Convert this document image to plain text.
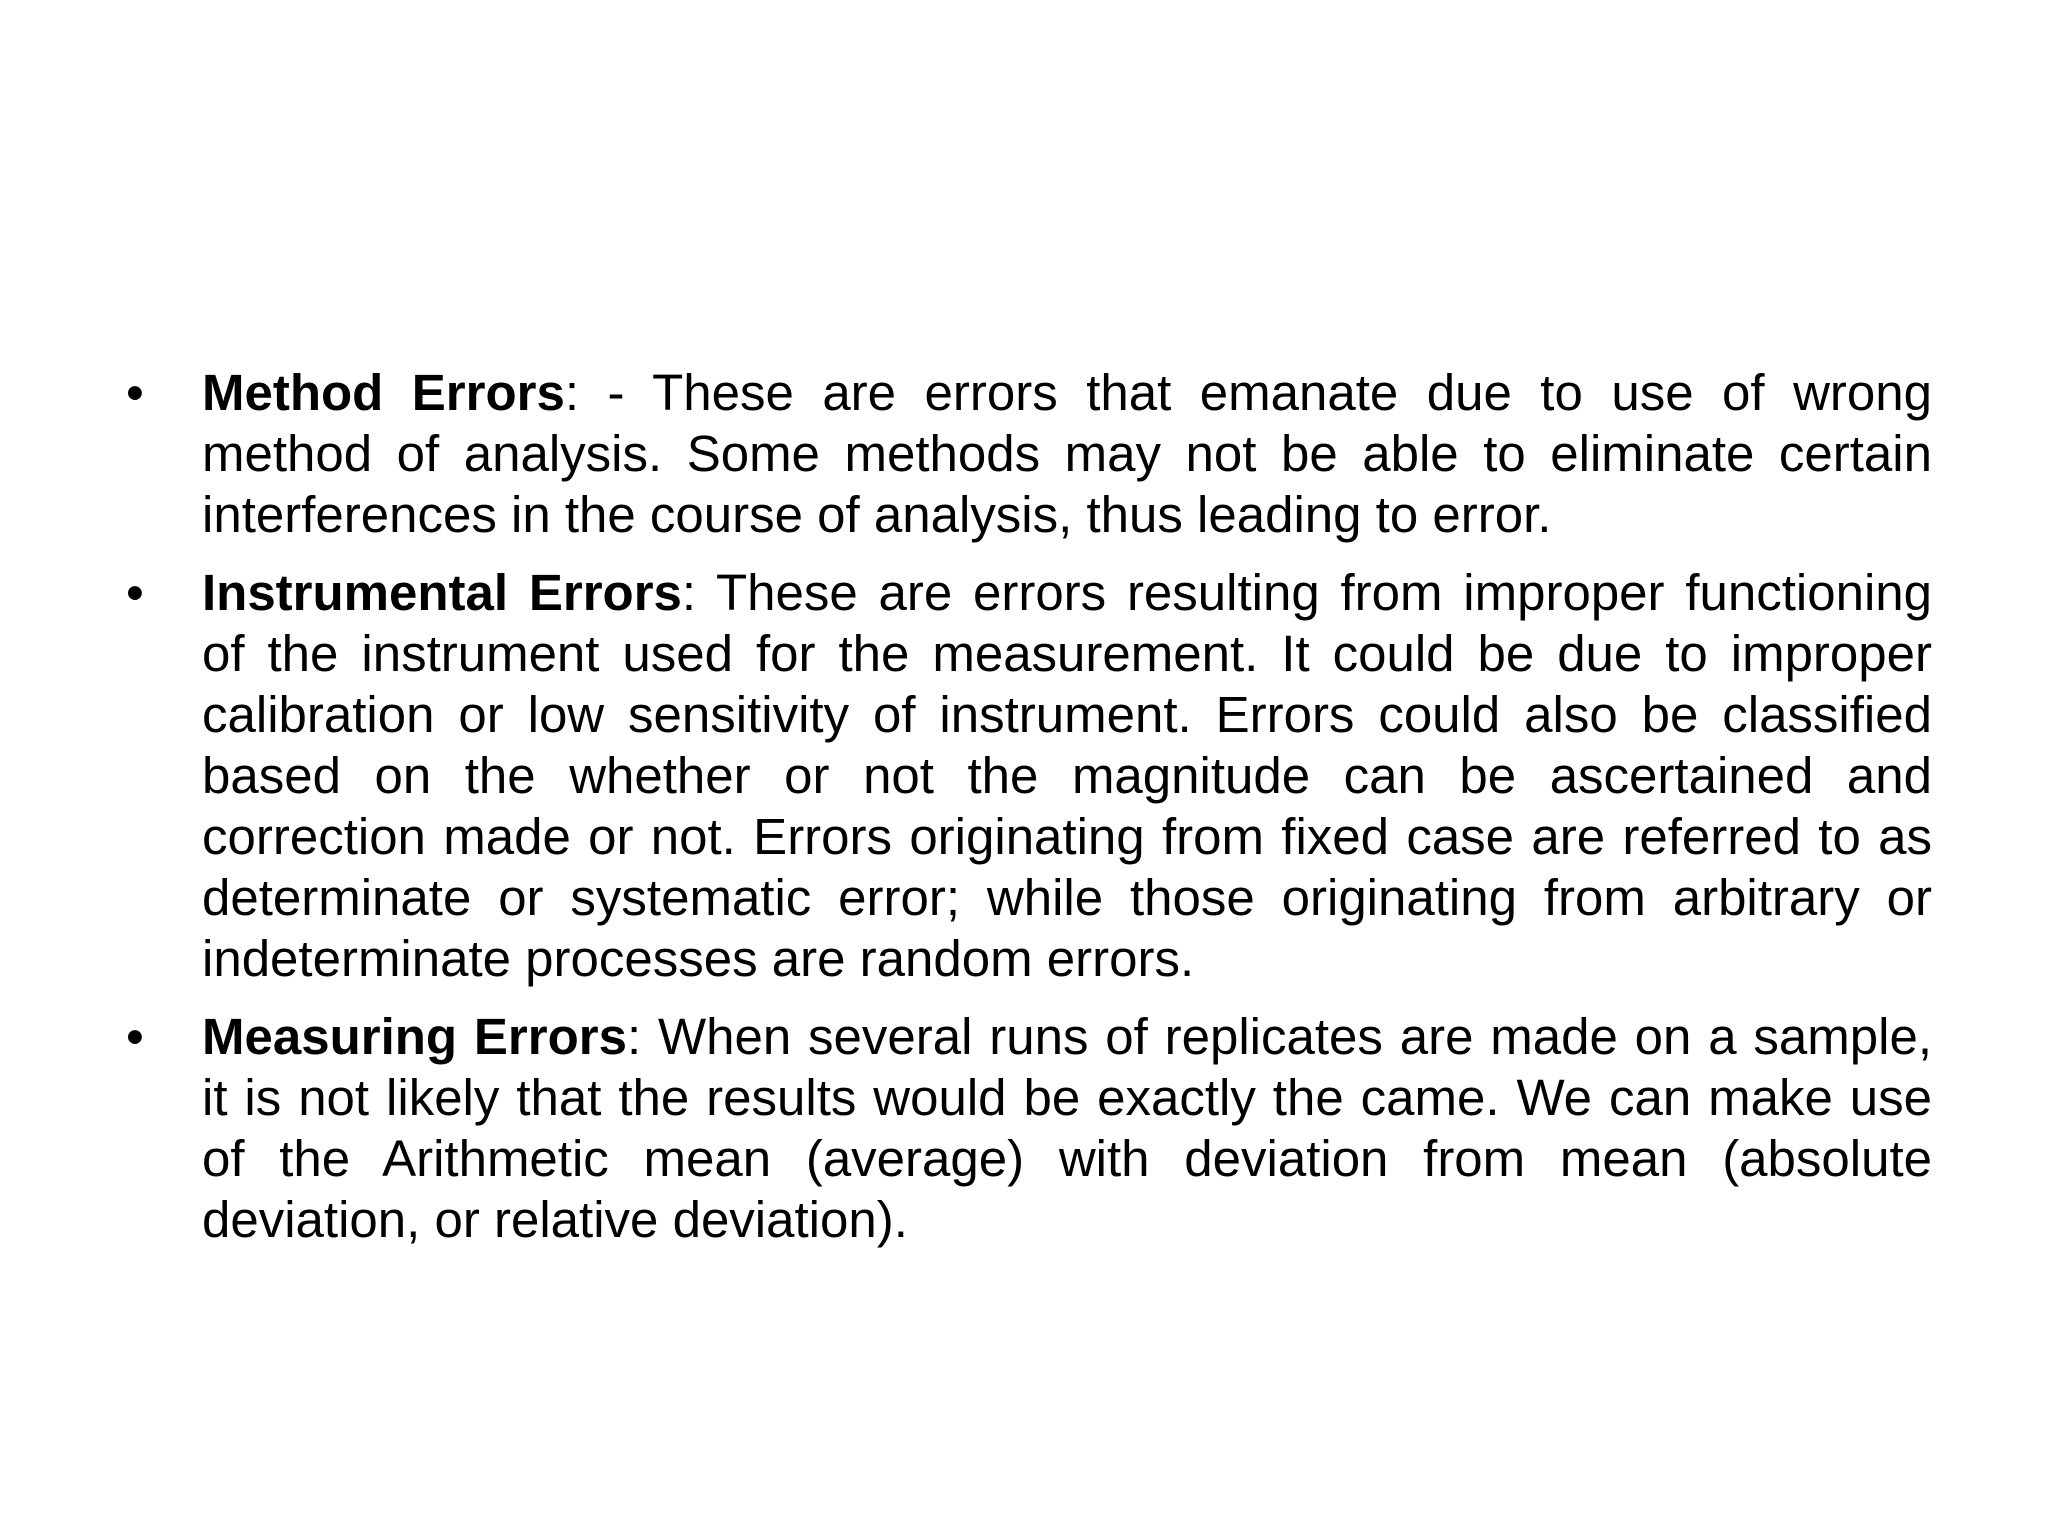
•	Method Errors: - These are errors that emanate due to use of wrong method of analysis. Some methods may not be able to eliminate certain interferences in the course of analysis, thus leading to error.
•	Instrumental Errors: These are errors resulting from improper functioning of the instrument used for the measurement. It could be due to improper calibration or low sensitivity of instrument. Errors could also be classified based on the whether or not the magnitude can be ascertained and correction made or not. Errors originating from fixed case are referred to as determinate or systematic error; while those originating from arbitrary or indeterminate processes are random errors.
•	Measuring Errors: When several runs of replicates are made on a sample, it is not likely that the results would be exactly the came. We can make use of the Arithmetic mean (average) with deviation from mean (absolute deviation, or relative deviation).
